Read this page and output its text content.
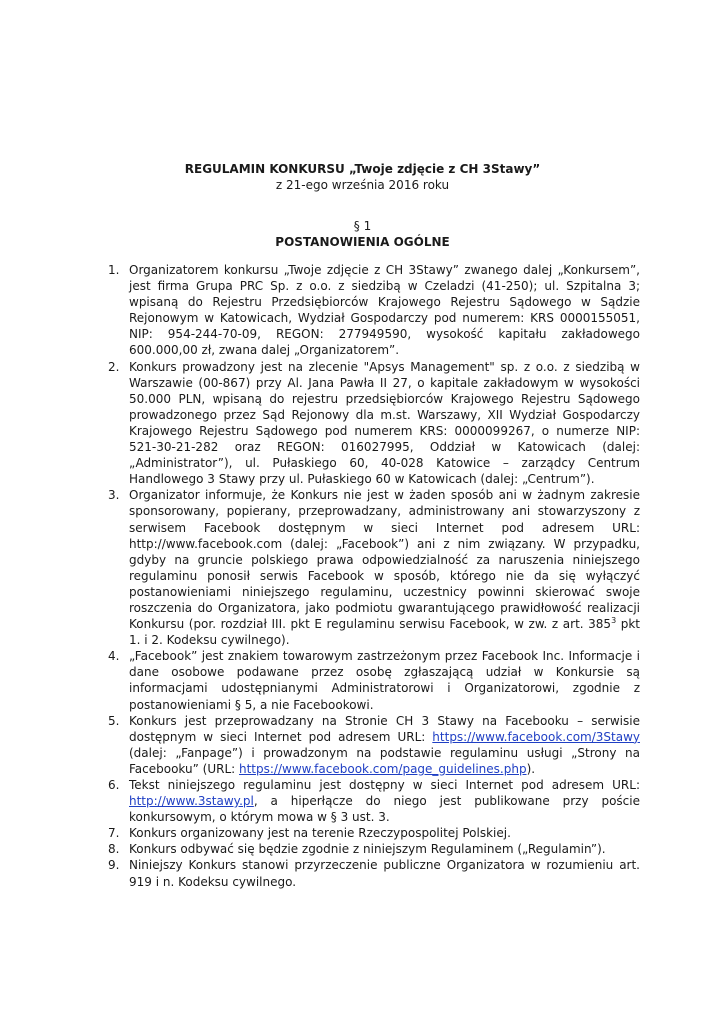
REGULAMIN KONKURSU „Twoje zdjęcie z CH 3Stawy”
z 21-ego września 2016 roku
§ 1
POSTANOWIENIA OGÓLNE
1. Organizatorem konkursu „Twoje zdjęcie z CH 3Stawy” zwanego dalej „Konkursem”, jest firma Grupa PRC Sp. z o.o. z siedzibą w Czeladzi (41-250); ul. Szpitalna 3; wpisaną do Rejestru Przedsiębiorców Krajowego Rejestru Sądowego w Sądzie Rejonowym w Katowicach, Wydział Gospodarczy pod numerem: KRS 0000155051, NIP: 954-244-70-09, REGON: 277949590, wysokość kapitału zakładowego 600.000,00 zł, zwana dalej „Organizatorem”.
2. Konkurs prowadzony jest na zlecenie "Apsys Management" sp. z o.o. z siedzibą w Warszawie (00-867) przy Al. Jana Pawła II 27, o kapitale zakładowym w wysokości 50.000 PLN, wpisaną do rejestru przedsiębiorców Krajowego Rejestru Sądowego prowadzonego przez Sąd Rejonowy dla m.st. Warszawy, XII Wydział Gospodarczy Krajowego Rejestru Sądowego pod numerem KRS: 0000099267, o numerze NIP: 521-30-21-282 oraz REGON: 016027995, Oddział w Katowicach (dalej: „Administrator”), ul. Pułaskiego 60, 40-028 Katowice – zarządcy Centrum Handlowego 3 Stawy przy ul. Pułaskiego 60 w Katowicach (dalej: „Centrum”).
3. Organizator informuje, że Konkurs nie jest w żaden sposób ani w żadnym zakresie sponsorowany, popierany, przeprowadzany, administrowany ani stowarzyszony z serwisem Facebook dostępnym w sieci Internet pod adresem URL: http://www.facebook.com (dalej: „Facebook”) ani z nim związany. W przypadku, gdyby na gruncie polskiego prawa odpowiedzialność za naruszenia niniejszego regulaminu ponosił serwis Facebook w sposób, którego nie da się wyłączyć postanowieniami niniejszego regulaminu, uczestnicy powinni skierować swoje roszczenia do Organizatora, jako podmiotu gwarantującego prawidłowość realizacji Konkursu (por. rozdział III. pkt E regulaminu serwisu Facebook, w zw. z art. $385^3$ pkt 1. i 2. Kodeksu cywilnego).
4. „Facebook” jest znakiem towarowym zastrzeżonym przez Facebook Inc. Informacje i dane osobowe podawane przez osobę zgłaszającą udział w Konkursie są informacjami udostępnianymi Administratorowi i Organizatorowi, zgodnie z postanowieniami § 5, a nie Facebookowi.
5. Konkurs jest przeprowadzany na Stronie CH 3 Stawy na Facebooku – serwisie dostępnym w sieci Internet pod adresem URL: https://www.facebook.com/3Stawy (dalej: „Fanpage”) i prowadzonym na podstawie regulaminu usługi „Strony na Facebooku” (URL: https://www.facebook.com/page_guidelines.php).
6. Tekst niniejszego regulaminu jest dostępny w sieci Internet pod adresem URL: http://www.3stawy.pl, a hiperłącze do niego jest publikowane przy poście konkursowym, o którym mowa w § 3 ust. 3.
7. Konkurs organizowany jest na terenie Rzeczypospolitej Polskiej.
8. Konkurs odbywać się będzie zgodnie z niniejszym Regulaminem („Regulamin”).
9. Niniejszy Konkurs stanowi przyrzeczenie publiczne Organizatora w rozumieniu art. 919 i n. Kodeksu cywilnego.
